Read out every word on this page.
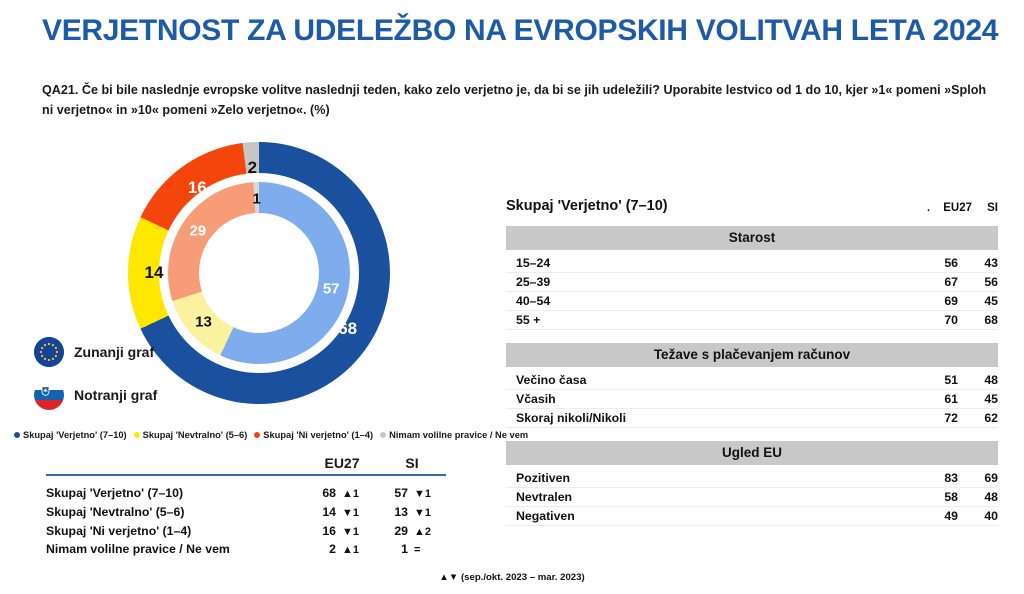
VERJETNOST ZA UDELEŽBO NA EVROPSKIH VOLITVAH LETA 2024
QA21. Če bi bile naslednje evropske volitve naslednji teden, kako zelo verjetno je, da bi se jih udeležili? Uporabite lestvico od 1 do 10, kjer »1« pomeni »Sploh ni verjetno« in »10« pomeni »Zelo verjetno«. (%)
68
14
16
2
57
13
29
1
Zunanji graf
Notranji graf
Skupaj 'Verjetno' (7–10) Skupaj 'Nevtralno' (5–6) Skupaj 'Ni verjetno' (1–4) Nimam volilne pravice / Ne vem
EU27	SI
Skupaj 'Verjetno' (7–10)	68 ▲1	57 ▼1
Skupaj 'Nevtralno' (5–6)	14 ▼1	13 ▼1
Skupaj 'Ni verjetno' (1–4)	16 ▼1	29 ▲2
Nimam volilne pravice / Ne vem	2 ▲1	1 =
Skupaj 'Verjetno' (7–10)	.	EU27	SI
Starost
15–24	56	43
25–39	67	56
40–54	69	45
55 +	70	68
Težave s plačevanjem računov
Večino časa	51	48
Včasih	61	45
Skoraj nikoli/Nikoli	72	62
Ugled EU
Pozitiven	83	69
Nevtralen	58	48
Negativen	49	40
▲▼ (sep./okt. 2023 – mar. 2023)
